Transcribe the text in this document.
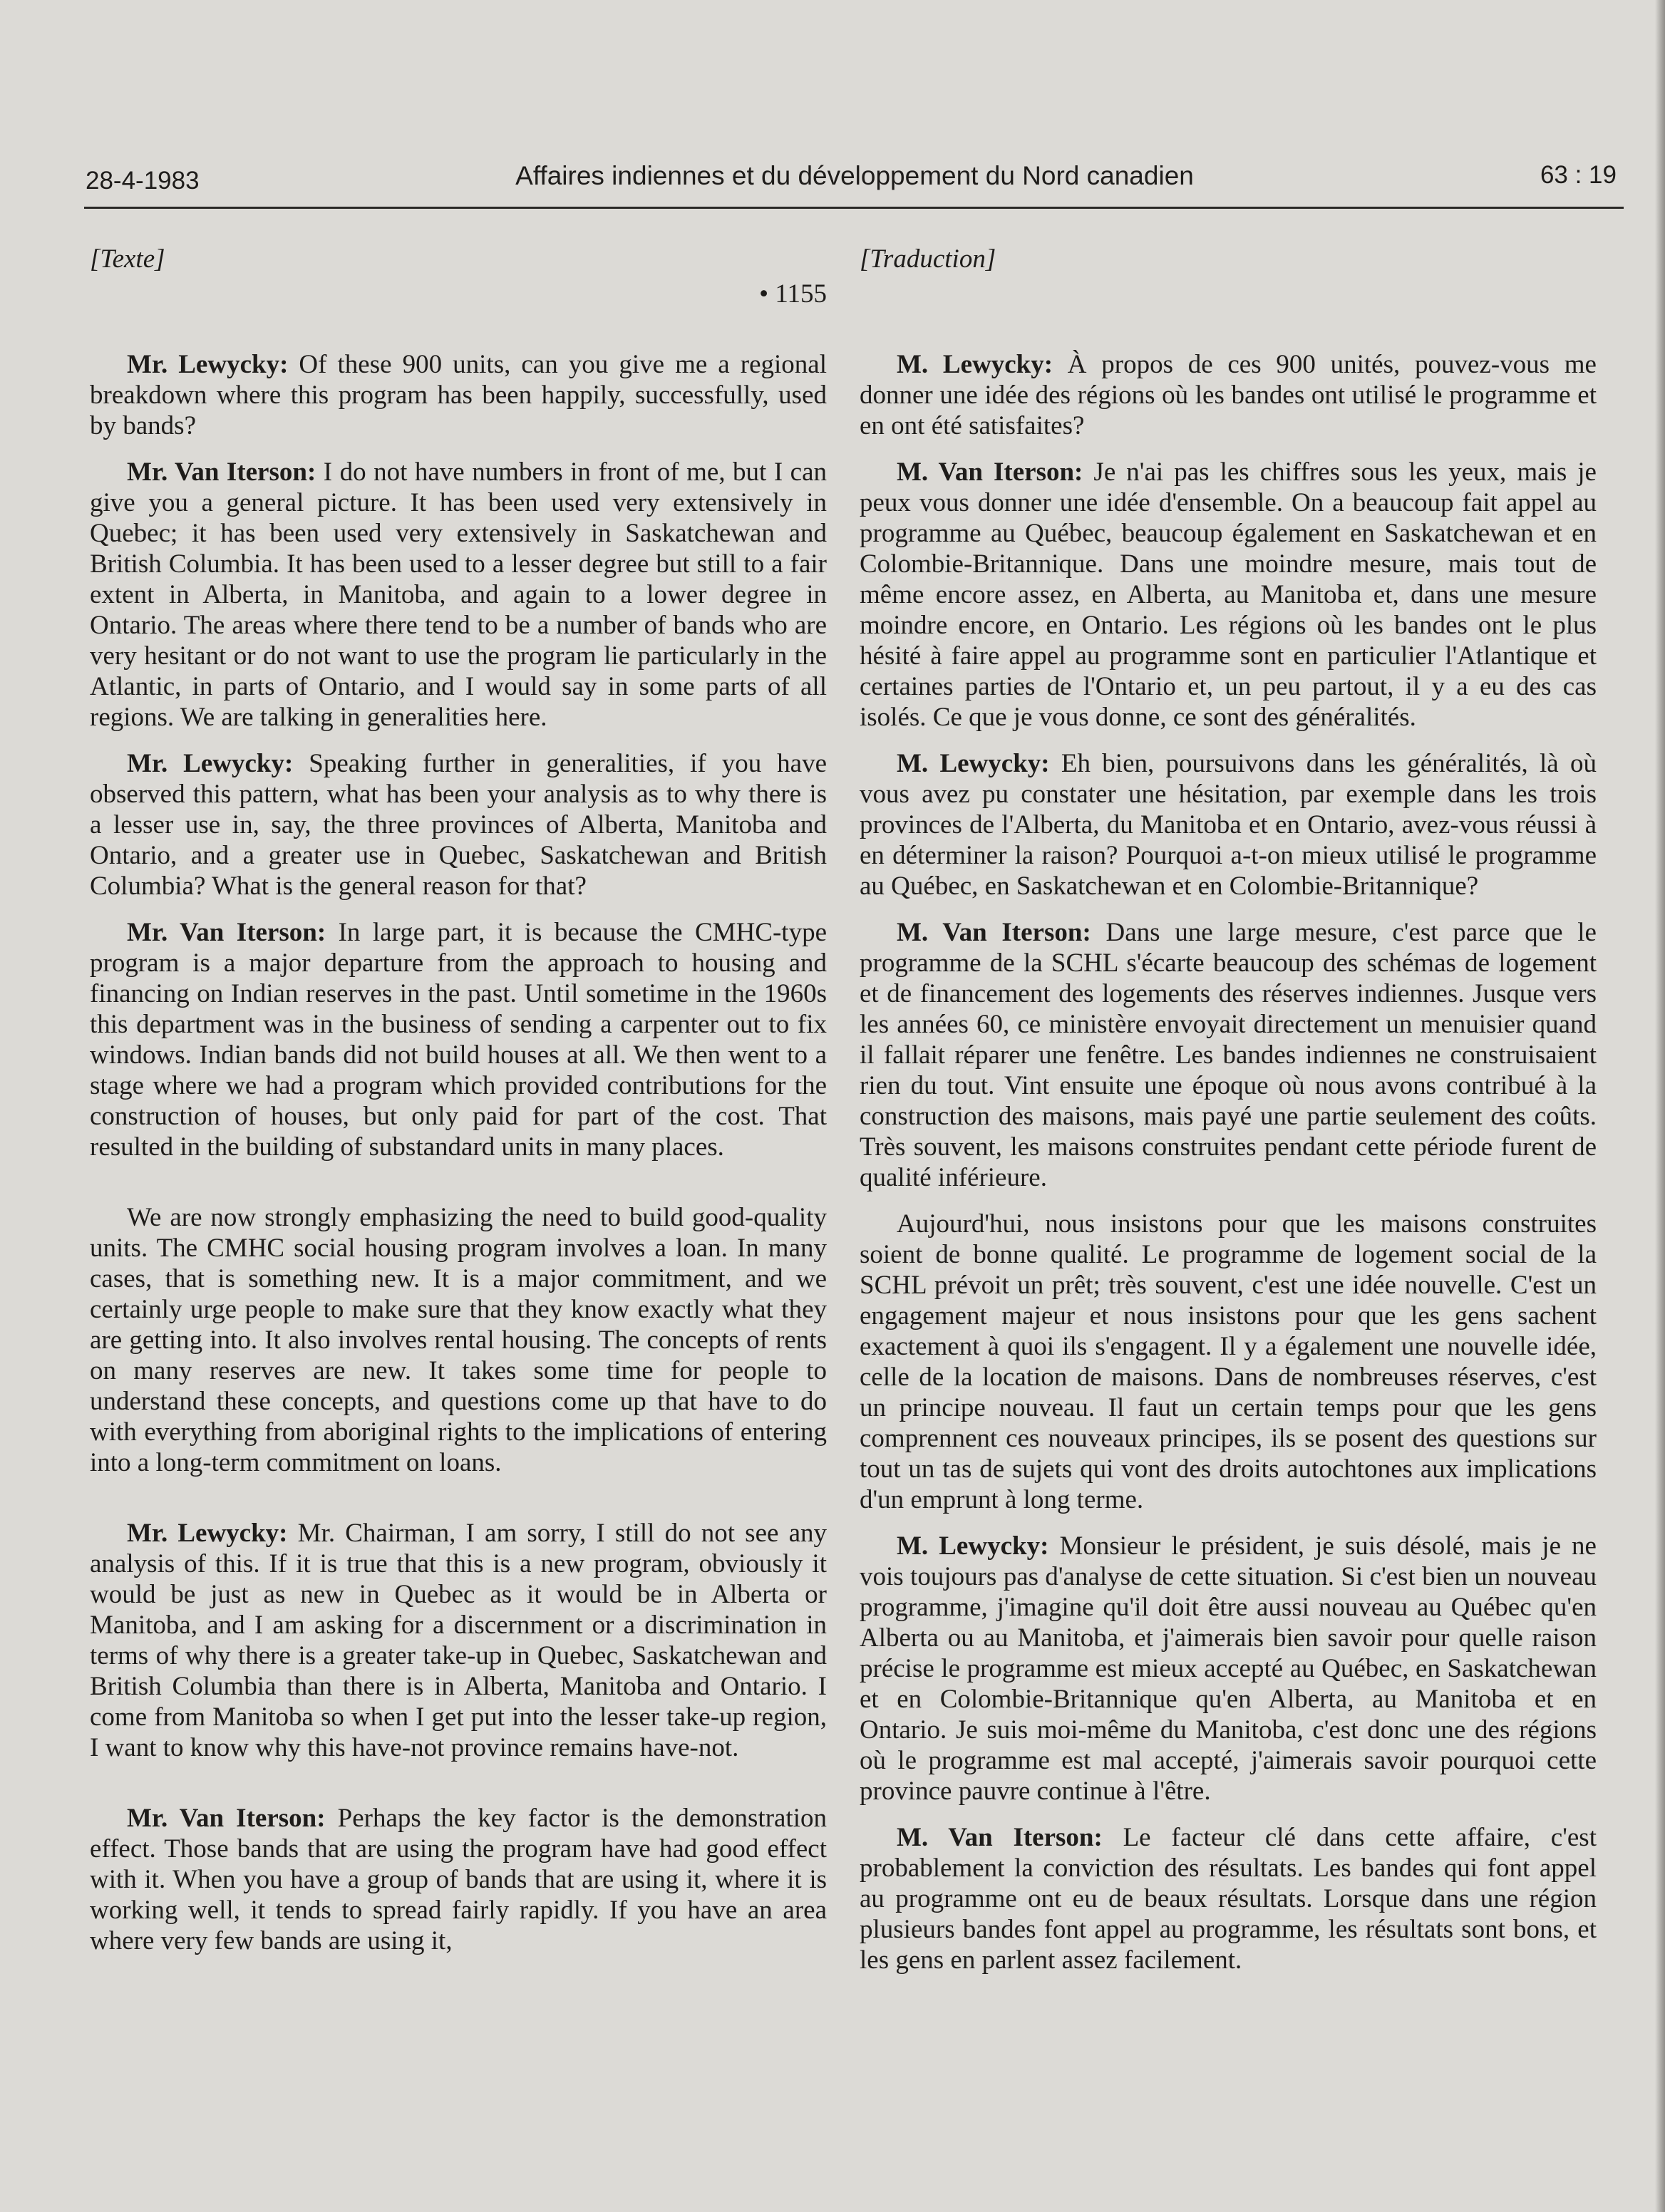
28-4-1983	Affaires indiennes et du développement du Nord canadien	63 : 19
[Texte]
• 1155

Mr. Lewycky: Of these 900 units, can you give me a regional breakdown where this program has been happily, successfully, used by bands?

Mr. Van Iterson: I do not have numbers in front of me, but I can give you a general picture. It has been used very extensively in Quebec; it has been used very extensively in Saskatchewan and British Columbia. It has been used to a lesser degree but still to a fair extent in Alberta, in Manitoba, and again to a lower degree in Ontario. The areas where there tend to be a number of bands who are very hesitant or do not want to use the program lie particularly in the Atlantic, in parts of Ontario, and I would say in some parts of all regions. We are talking in generalities here.

Mr. Lewycky: Speaking further in generalities, if you have observed this pattern, what has been your analysis as to why there is a lesser use in, say, the three provinces of Alberta, Manitoba and Ontario, and a greater use in Quebec, Saskatchewan and British Columbia? What is the general reason for that?

Mr. Van Iterson: In large part, it is because the CMHC-type program is a major departure from the approach to housing and financing on Indian reserves in the past. Until sometime in the 1960s this department was in the business of sending a carpenter out to fix windows. Indian bands did not build houses at all. We then went to a stage where we had a program which provided contributions for the construction of houses, but only paid for part of the cost. That resulted in the building of substandard units in many places.

We are now strongly emphasizing the need to build good-quality units. The CMHC social housing program involves a loan. In many cases, that is something new. It is a major commitment, and we certainly urge people to make sure that they know exactly what they are getting into. It also involves rental housing. The concepts of rents on many reserves are new. It takes some time for people to understand these concepts, and questions come up that have to do with everything from aboriginal rights to the implications of entering into a long-term commitment on loans.

Mr. Lewycky: Mr. Chairman, I am sorry, I still do not see any analysis of this. If it is true that this is a new program, obviously it would be just as new in Quebec as it would be in Alberta or Manitoba, and I am asking for a discernment or a discrimination in terms of why there is a greater take-up in Quebec, Saskatchewan and British Columbia than there is in Alberta, Manitoba and Ontario. I come from Manitoba so when I get put into the lesser take-up region, I want to know why this have-not province remains have-not.

Mr. Van Iterson: Perhaps the key factor is the demonstration effect. Those bands that are using the program have had good effect with it. When you have a group of bands that are using it, where it is working well, it tends to spread fairly rapidly. If you have an area where very few bands are using it,

[Traduction]

M. Lewycky: À propos de ces 900 unités, pouvez-vous me donner une idée des régions où les bandes ont utilisé le programme et en ont été satisfaites?

M. Van Iterson: Je n'ai pas les chiffres sous les yeux, mais je peux vous donner une idée d'ensemble. On a beaucoup fait appel au programme au Québec, beaucoup également en Saskatchewan et en Colombie-Britannique. Dans une moindre mesure, mais tout de même encore assez, en Alberta, au Manitoba et, dans une mesure moindre encore, en Ontario. Les régions où les bandes ont le plus hésité à faire appel au programme sont en particulier l'Atlantique et certaines parties de l'Ontario et, un peu partout, il y a eu des cas isolés. Ce que je vous donne, ce sont des généralités.

M. Lewycky: Eh bien, poursuivons dans les généralités, là où vous avez pu constater une hésitation, par exemple dans les trois provinces de l'Alberta, du Manitoba et en Ontario, avez-vous réussi à en déterminer la raison? Pourquoi a-t-on mieux utilisé le programme au Québec, en Saskatchewan et en Colombie-Britannique?

M. Van Iterson: Dans une large mesure, c'est parce que le programme de la SCHL s'écarte beaucoup des schémas de logement et de financement des logements des réserves indiennes. Jusque vers les années 60, ce ministère envoyait directement un menuisier quand il fallait réparer une fenêtre. Les bandes indiennes ne construisaient rien du tout. Vint ensuite une époque où nous avons contribué à la construction des maisons, mais payé une partie seulement des coûts. Très souvent, les maisons construites pendant cette période furent de qualité inférieure.

Aujourd'hui, nous insistons pour que les maisons construites soient de bonne qualité. Le programme de logement social de la SCHL prévoit un prêt; très souvent, c'est une idée nouvelle. C'est un engagement majeur et nous insistons pour que les gens sachent exactement à quoi ils s'engagent. Il y a également une nouvelle idée, celle de la location de maisons. Dans de nombreuses réserves, c'est un principe nouveau. Il faut un certain temps pour que les gens comprennent ces nouveaux principes, ils se posent des questions sur tout un tas de sujets qui vont des droits autochtones aux implications d'un emprunt à long terme.

M. Lewycky: Monsieur le président, je suis désolé, mais je ne vois toujours pas d'analyse de cette situation. Si c'est bien un nouveau programme, j'imagine qu'il doit être aussi nouveau au Québec qu'en Alberta ou au Manitoba, et j'aimerais bien savoir pour quelle raison précise le programme est mieux accepté au Québec, en Saskatchewan et en Colombie-Britannique qu'en Alberta, au Manitoba et en Ontario. Je suis moi-même du Manitoba, c'est donc une des régions où le programme est mal accepté, j'aimerais savoir pourquoi cette province pauvre continue à l'être.

M. Van Iterson: Le facteur clé dans cette affaire, c'est probablement la conviction des résultats. Les bandes qui font appel au programme ont eu de beaux résultats. Lorsque dans une région plusieurs bandes font appel au programme, les résultats sont bons, et les gens en parlent assez facilement.
